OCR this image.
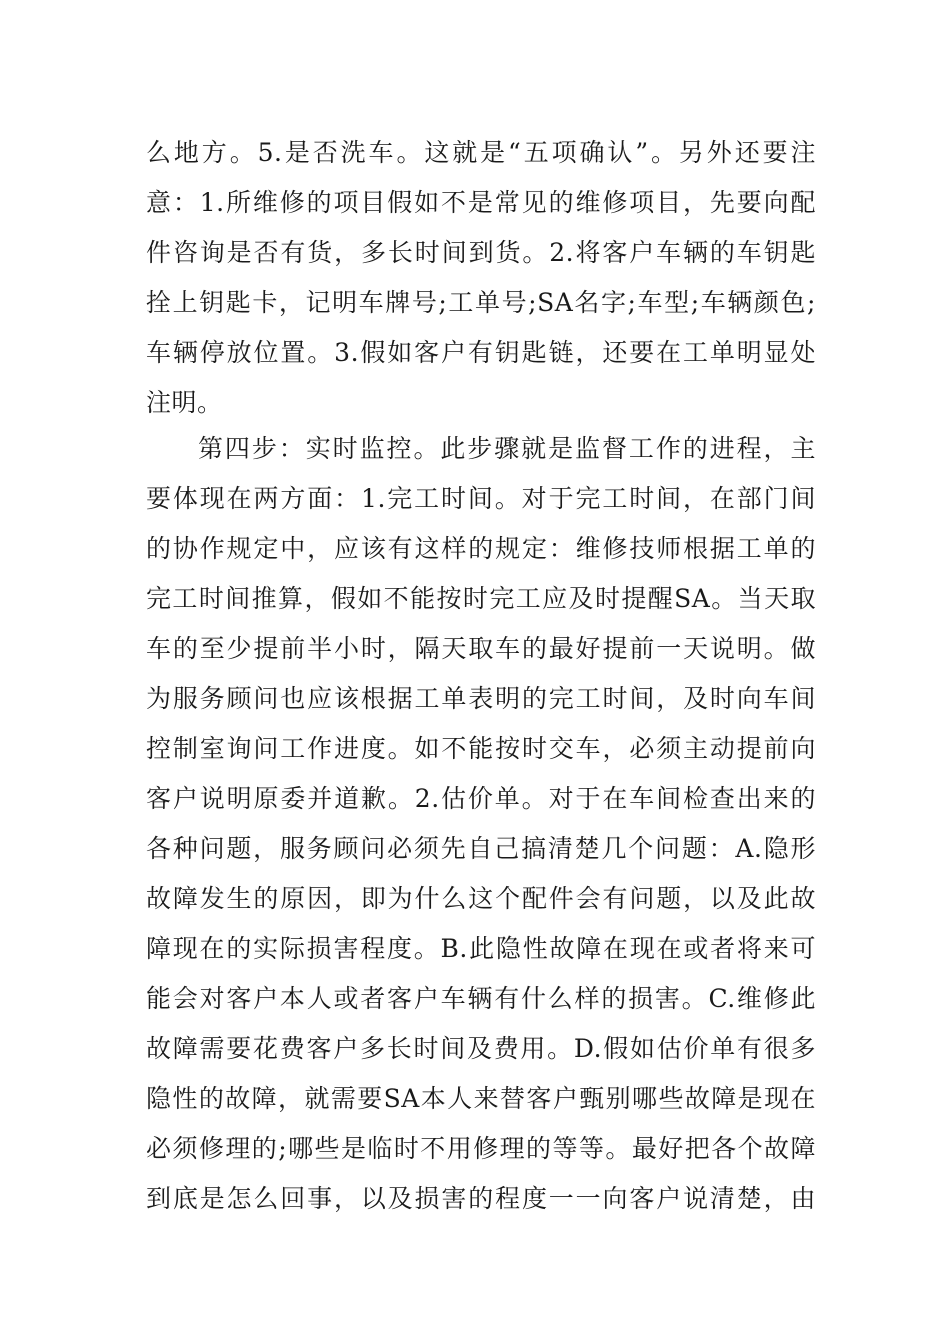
么地方。5.是否洗车。这就是“五项确认”。另外还要注
意：1.所维修的项目假如不是常见的维修项目，先要向配
件咨询是否有货，多长时间到货。2.将客户车辆的车钥匙
拴上钥匙卡，记明车牌号;工单号;SA名字;车型;车辆颜色;
车辆停放位置。3.假如客户有钥匙链，还要在工单明显处
注明。
第四步：实时监控。此步骤就是监督工作的进程，主
要体现在两方面：1.完工时间。对于完工时间，在部门间
的协作规定中，应该有这样的规定：维修技师根据工单的
完工时间推算，假如不能按时完工应及时提醒SA。当天取
车的至少提前半小时，隔天取车的最好提前一天说明。做
为服务顾问也应该根据工单表明的完工时间，及时向车间
控制室询问工作进度。如不能按时交车，必须主动提前向
客户说明原委并道歉。2.估价单。对于在车间检查出来的
各种问题，服务顾问必须先自己搞清楚几个问题：A.隐形
故障发生的原因，即为什么这个配件会有问题，以及此故
障现在的实际损害程度。B.此隐性故障在现在或者将来可
能会对客户本人或者客户车辆有什么样的损害。C.维修此
故障需要花费客户多长时间及费用。D.假如估价单有很多
隐性的故障，就需要SA本人来替客户甄别哪些故障是现在
必须修理的;哪些是临时不用修理的等等。最好把各个故障
到底是怎么回事，以及损害的程度一一向客户说清楚，由
